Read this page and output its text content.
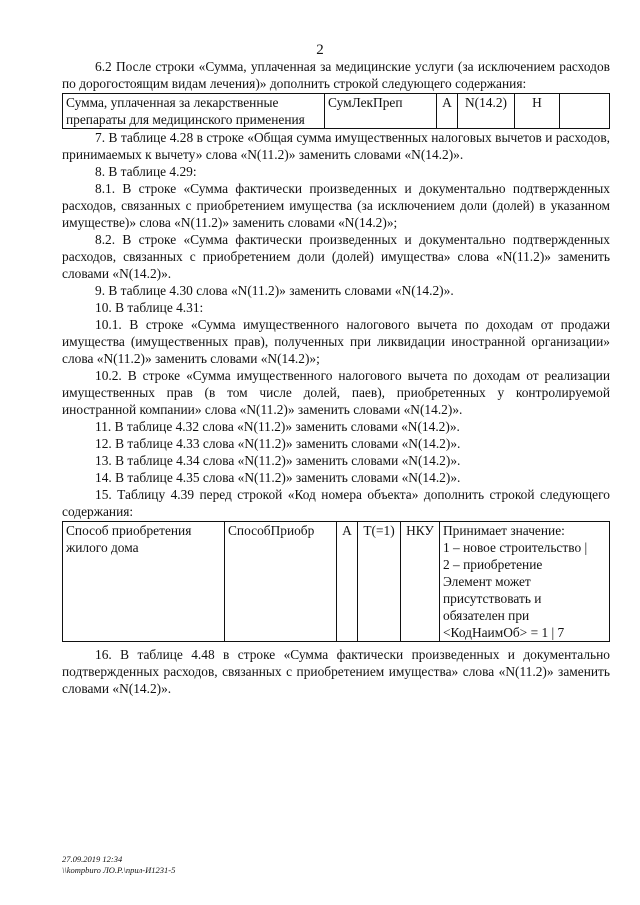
2

6.2 После строки «Сумма, уплаченная за медицинские услуги (за исключением расходов по дорогостоящим видам лечения)» дополнить строкой следующего содержания:

Сумма, уплаченная за лекарственные препараты для медицинского применения	СумЛекПреп	А	N(14.2)	Н	

7. В таблице 4.28 в строке «Общая сумма имущественных налоговых вычетов и расходов, принимаемых к вычету» слова «N(11.2)» заменить словами «N(14.2)».

8. В таблице 4.29:

8.1. В строке «Сумма фактически произведенных и документально подтвержденных расходов, связанных с приобретением имущества (за исключением доли (долей) в указанном имуществе)» слова «N(11.2)» заменить словами «N(14.2)»;

8.2. В строке «Сумма фактически произведенных и документально подтвержденных расходов, связанных с приобретением доли (долей) имущества» слова «N(11.2)» заменить словами «N(14.2)».

9. В таблице 4.30 слова «N(11.2)» заменить словами «N(14.2)».

10. В таблице 4.31:

10.1. В строке «Сумма имущественного налогового вычета по доходам от продажи имущества (имущественных прав), полученных при ликвидации иностранной организации» слова «N(11.2)» заменить словами «N(14.2)»;

10.2. В строке «Сумма имущественного налогового вычета по доходам от реализации имущественных прав (в том числе долей, паев), приобретенных у контролируемой иностранной компании» слова «N(11.2)» заменить словами «N(14.2)».

11. В таблице 4.32 слова «N(11.2)» заменить словами «N(14.2)».

12. В таблице 4.33 слова «N(11.2)» заменить словами «N(14.2)».

13. В таблице 4.34 слова «N(11.2)» заменить словами «N(14.2)».

14. В таблице 4.35 слова «N(11.2)» заменить словами «N(14.2)».

15. Таблицу 4.39 перед строкой «Код номера объекта» дополнить строкой следующего содержания:

Способ приобретения жилого дома	СпособПриобр	А	T(=1)	НКУ	Принимает значение:
1 – новое строительство |
2 – приобретение
Элемент может
присутствовать и
обязателен при
<КодНаимОб> = 1 | 7

16. В таблице 4.48 в строке «Сумма фактически произведенных и документально подтвержденных расходов, связанных с приобретением имущества» слова «N(11.2)» заменить словами «N(14.2)».

27.09.2019 12:34
\\kompburo ЛО.Р.\прил-И1231-5
